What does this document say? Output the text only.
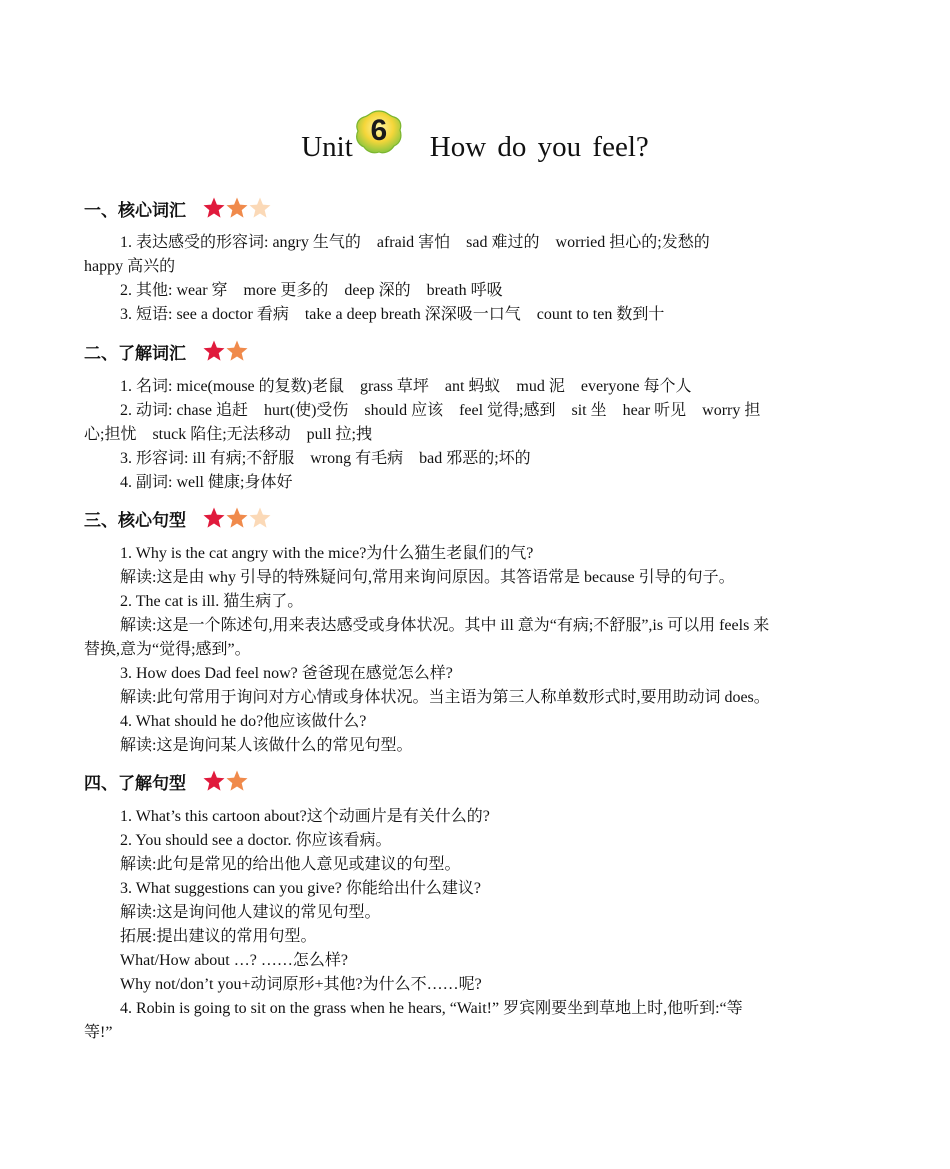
Unit 6	How do you feel?
一、核心词汇
1. 表达感受的形容词: angry 生气的　afraid 害怕　sad 难过的　worried 担心的;发愁的
happy 高兴的
2. 其他: wear 穿　more 更多的　deep 深的　breath 呼吸
3. 短语: see a doctor 看病　take a deep breath 深深吸一口气　count to ten 数到十
二、了解词汇
1. 名词: mice(mouse 的复数)老鼠　grass 草坪　ant 蚂蚁　mud 泥　everyone 每个人
2. 动词: chase 追赶　hurt(使)受伤　should 应该　feel 觉得;感到　sit 坐　hear 听见　worry 担
心;担忧　stuck 陷住;无法移动　pull 拉;拽
3. 形容词: ill 有病;不舒服　wrong 有毛病　bad 邪恶的;坏的
4. 副词: well 健康;身体好
三、核心句型
1. Why is the cat angry with the mice?为什么猫生老鼠们的气?
解读:这是由 why 引导的特殊疑问句,常用来询问原因。其答语常是 because 引导的句子。
2. The cat is ill. 猫生病了。
解读:这是一个陈述句,用来表达感受或身体状况。其中 ill 意为“有病;不舒服”,is 可以用 feels 来
替换,意为“觉得;感到”。
3. How does Dad feel now? 爸爸现在感觉怎么样?
解读:此句常用于询问对方心情或身体状况。当主语为第三人称单数形式时,要用助动词 does。
4. What should he do?他应该做什么?
解读:这是询问某人该做什么的常见句型。
四、了解句型
1. What’s this cartoon about?这个动画片是有关什么的?
2. You should see a doctor. 你应该看病。
解读:此句是常见的给出他人意见或建议的句型。
3. What suggestions can you give? 你能给出什么建议?
解读:这是询问他人建议的常见句型。
拓展:提出建议的常用句型。
What/How about …? ……怎么样?
Why not/don’t you+动词原形+其他?为什么不……呢?
4. Robin is going to sit on the grass when he hears, “Wait!” 罗宾刚要坐到草地上时,他听到:“等
等!”
